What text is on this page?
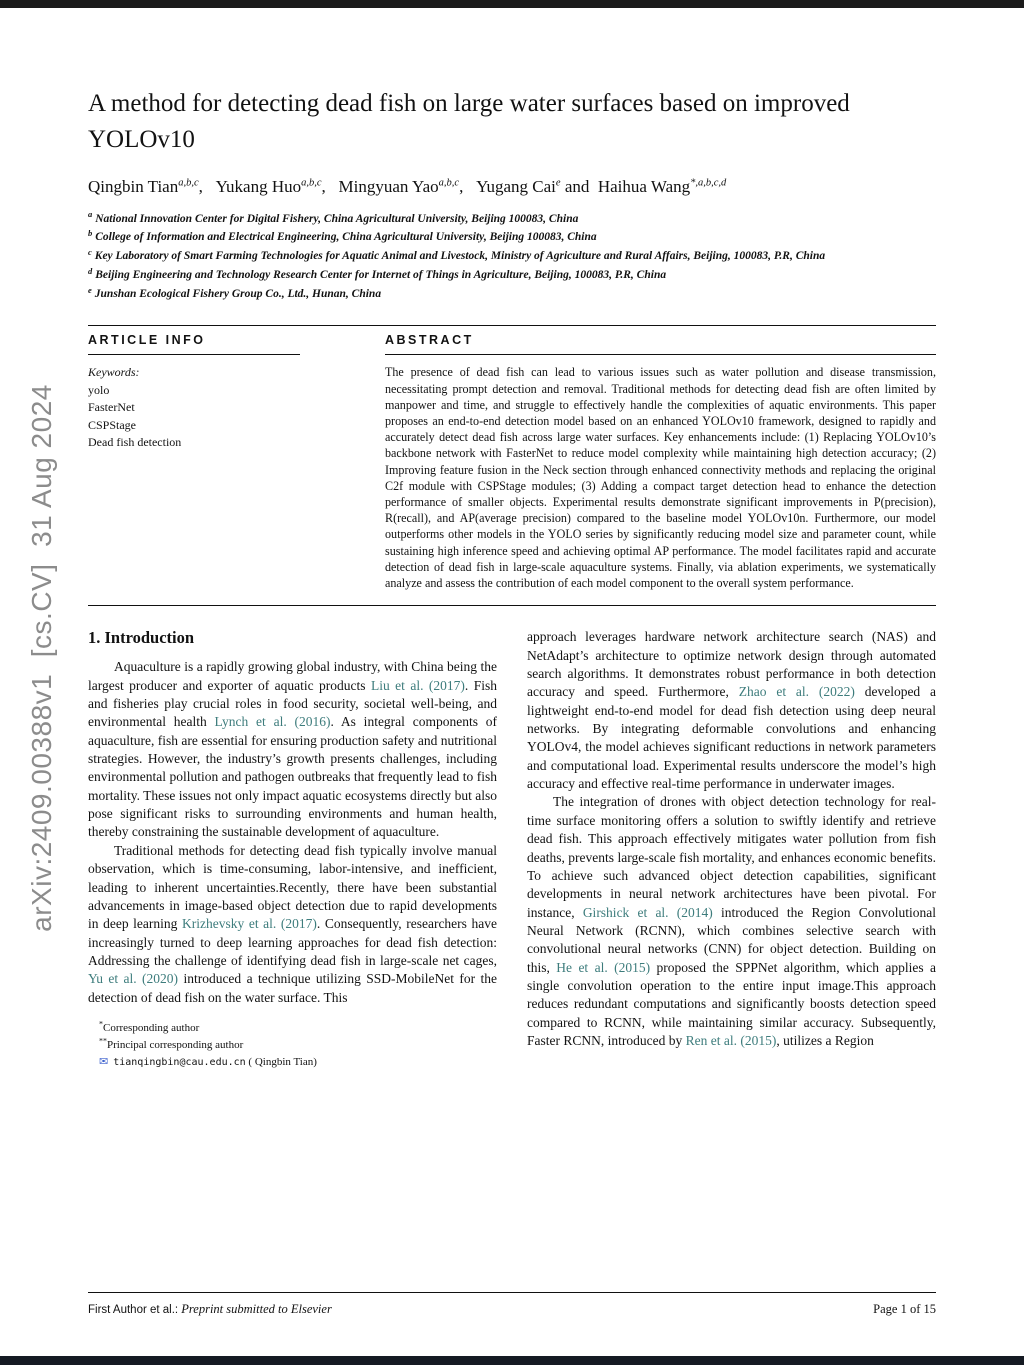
arXiv:2409.00388v1  [cs.CV]  31 Aug 2024
A method for detecting dead fish on large water surfaces based on improved YOLOv10
Qingbin Tian$^{a,b,c}$,   Yukang Huo$^{a,b,c}$,   Mingyuan Yao$^{a,b,c}$,   Yugang Cai$^e$ and  Haihua Wang$^{*,a,b,c,d}$
$^a$ National Innovation Center for Digital Fishery, China Agricultural University, Beijing 100083, China
$^b$ College of Information and Electrical Engineering, China Agricultural University, Beijing 100083, China
$^c$ Key Laboratory of Smart Farming Technologies for Aquatic Animal and Livestock, Ministry of Agriculture and Rural Affairs, Beijing, 100083, P.R, China
$^d$ Beijing Engineering and Technology Research Center for Internet of Things in Agriculture, Beijing, 100083, P.R, China
$^e$ Junshan Ecological Fishery Group Co., Ltd., Hunan, China
ARTICLE INFO
Keywords:
yolo
FasterNet
CSPStage
Dead fish detection
ABSTRACT

The presence of dead fish can lead to various issues such as water pollution and disease transmission, necessitating prompt detection and removal. Traditional methods for detecting dead fish are often limited by manpower and time, and struggle to effectively handle the complexities of aquatic environments. This paper proposes an end-to-end detection model based on an enhanced YOLOv10 framework, designed to rapidly and accurately detect dead fish across large water surfaces. Key enhancements include: (1) Replacing YOLOv10’s backbone network with FasterNet to reduce model complexity while maintaining high detection accuracy; (2) Improving feature fusion in the Neck section through enhanced connectivity methods and replacing the original C2f module with CSPStage modules; (3) Adding a compact target detection head to enhance the detection performance of smaller objects. Experimental results demonstrate significant improvements in P(precision), R(recall), and AP(average precision) compared to the baseline model YOLOv10n. Furthermore, our model outperforms other models in the YOLO series by significantly reducing model size and parameter count, while sustaining high inference speed and achieving optimal AP performance. The model facilitates rapid and accurate detection of dead fish in large-scale aquaculture systems. Finally, via ablation experiments, we systematically analyze and assess the contribution of each model component to the overall system performance.

1. Introduction

Aquaculture is a rapidly growing global industry, with China being the largest producer and exporter of aquatic products Liu et al. (2017). Fish and fisheries play crucial roles in food security, societal well-being, and environmental health Lynch et al. (2016). As integral components of aquaculture, fish are essential for ensuring production safety and nutritional strategies. However, the industry’s growth presents challenges, including environmental pollution and pathogen outbreaks that frequently lead to fish mortality. These issues not only impact aquatic ecosystems directly but also pose significant risks to surrounding environments and human health, thereby constraining the sustainable development of aquaculture.

Traditional methods for detecting dead fish typically involve manual observation, which is time-consuming, labor-intensive, and inefficient, leading to inherent uncertainties.Recently, there have been substantial advancements in image-based object detection due to rapid developments in deep learning Krizhevsky et al. (2017). Consequently, researchers have increasingly turned to deep learning approaches for dead fish detection: Addressing the challenge of identifying dead fish in large-scale net cages, Yu et al. (2020) introduced a technique utilizing SSD-MobileNet for the detection of dead fish on the water surface. This

*Corresponding author
**Principal corresponding author
✉ tianqingbin@cau.edu.cn ( Qingbin Tian)

approach leverages hardware network architecture search (NAS) and NetAdapt’s architecture to optimize network design through automated search algorithms. It demonstrates robust performance in both detection accuracy and speed. Furthermore, Zhao et al. (2022) developed a lightweight end-to-end model for dead fish detection using deep neural networks. By integrating deformable convolutions and enhancing YOLOv4, the model achieves significant reductions in network parameters and computational load. Experimental results underscore the model’s high accuracy and effective real-time performance in underwater images.

The integration of drones with object detection technology for real-time surface monitoring offers a solution to swiftly identify and retrieve dead fish. This approach effectively mitigates water pollution from fish deaths, prevents large-scale fish mortality, and enhances economic benefits. To achieve such advanced object detection capabilities, significant developments in neural network architectures have been pivotal. For instance, Girshick et al. (2014) introduced the Region Convolutional Neural Network (RCNN), which combines selective search with convolutional neural networks (CNN) for object detection. Building on this, He et al. (2015) proposed the SPPNet algorithm, which applies a single convolution operation to the entire input image.This approach reduces redundant computations and significantly boosts detection speed compared to RCNN, while maintaining similar accuracy. Subsequently, Faster RCNN, introduced by Ren et al. (2015), utilizes a Region

First Author et al.: Preprint submitted to Elsevier	Page 1 of 15
